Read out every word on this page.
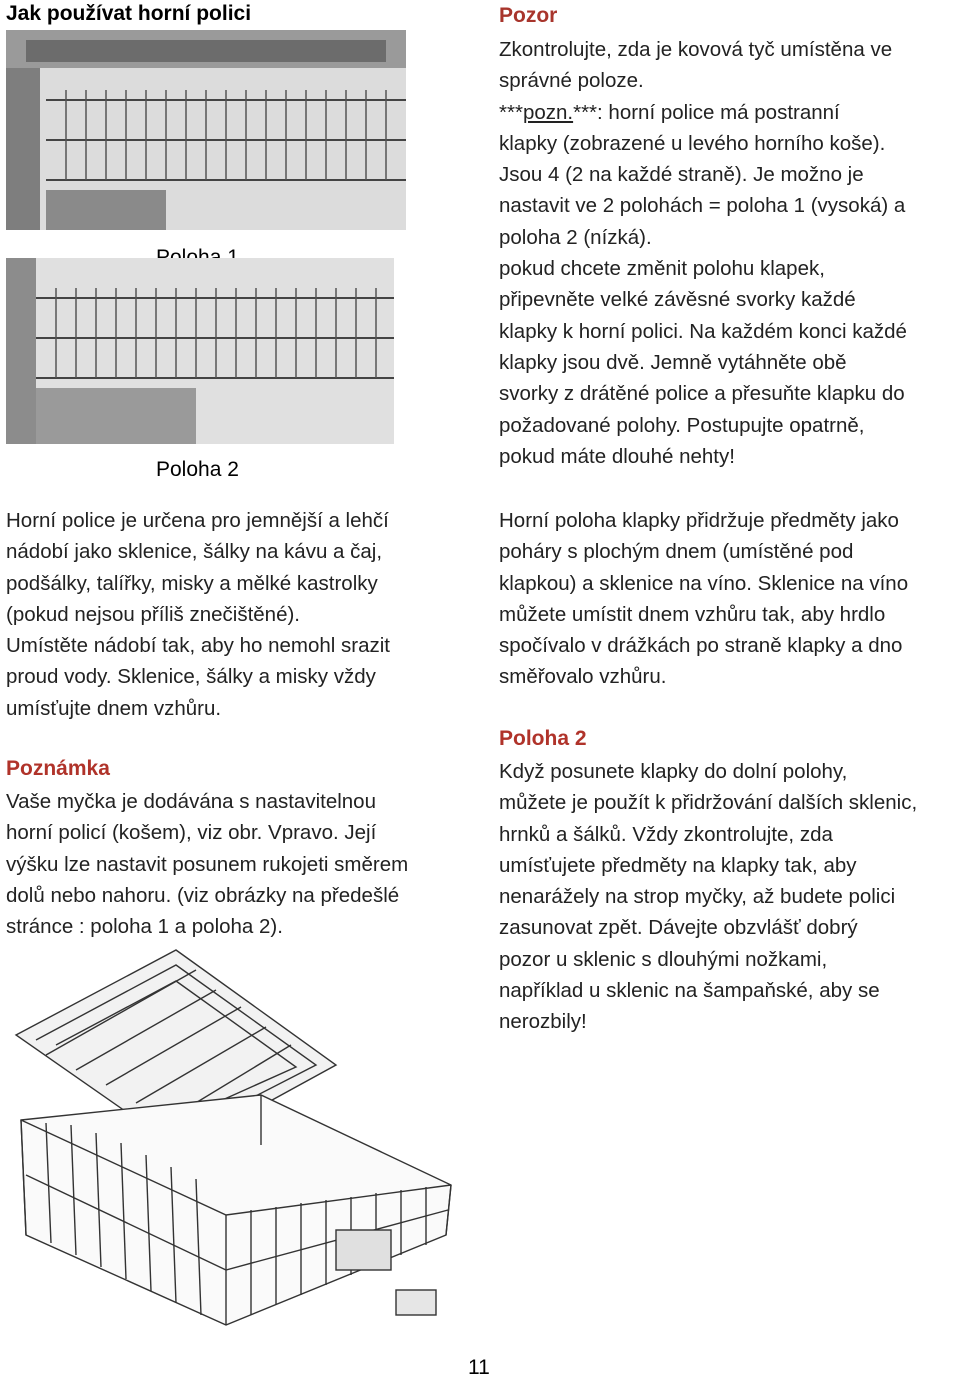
Jak používat horní polici
Poloha 2
Horní police je určena pro jemnější a lehčí
nádobí jako sklenice, šálky na kávu a čaj,
podšálky, talířky, misky a mělké kastrolky
(pokud nejsou příliš znečištěné).
Umístěte nádobí tak, aby ho nemohl srazit
proud vody. Sklenice, šálky a misky vždy
umísťujte dnem vzhůru.
Poznámka
Vaše myčka je dodávána s nastavitelnou
horní policí (košem), viz obr. Vpravo. Její
výšku lze nastavit posunem rukojeti směrem
dolů nebo nahoru. (viz obrázky na předešlé
stránce : poloha 1 a poloha 2).
Pozor
Zkontrolujte, zda je kovová tyč umístěna ve
správné poloze.
***pozn.***: horní police má postranní
klapky (zobrazené u levého horního koše).
Jsou 4 (2 na každé straně). Je možno je
nastavit ve 2 polohách = poloha 1 (vysoká) a
poloha 2 (nízká).
pokud chcete změnit polohu klapek,
připevněte velké závěsné svorky každé
klapky k horní polici. Na každém konci každé
klapky jsou dvě. Jemně vytáhněte obě
svorky z drátěné police a přesuňte klapku do
požadované polohy. Postupujte opatrně,
pokud máte dlouhé nehty!
Horní poloha klapky přidržuje předměty jako
poháry s plochým dnem (umístěné pod
klapkou) a sklenice na víno. Sklenice na víno
můžete umístit dnem vzhůru tak, aby hrdlo
spočívalo v drážkách po straně klapky a dno
směřovalo vzhůru.
Poloha 2
Když posunete klapky do dolní polohy,
můžete je použít k přidržování dalších sklenic,
hrnků a šálků. Vždy zkontrolujte, zda
umísťujete předměty na klapky tak, aby
nenarážely na strop myčky, až budete polici
zasunovat zpět. Dávejte obzvlášť dobrý
pozor u sklenic s dlouhými nožkami,
například u sklenic na šampaňské, aby se
nerozbily!
11
